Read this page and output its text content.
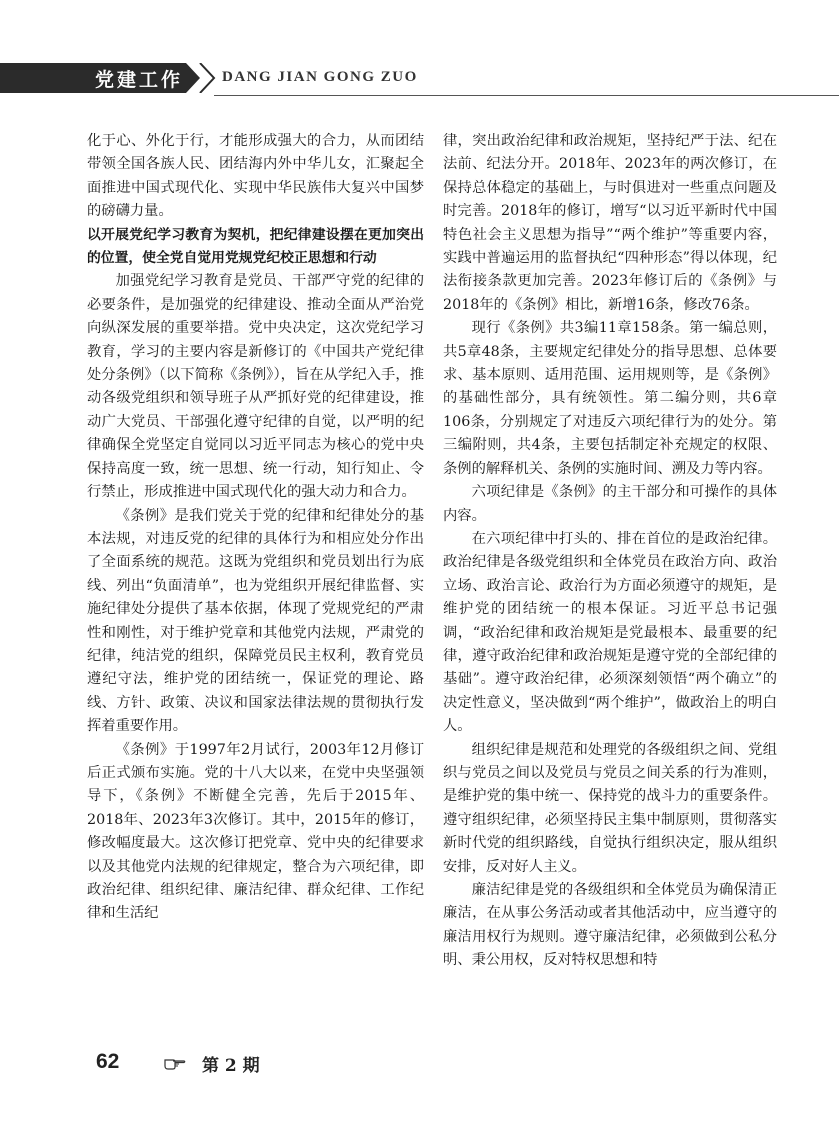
党建工作	DANG JIAN GONG ZUO

化于心、外化于行，才能形成强大的合力，从而团结带领全国各族人民、团结海内外中华儿女，汇聚起全面推进中国式现代化、实现中华民族伟大复兴中国梦的磅礴力量。

以开展党纪学习教育为契机，把纪律建设摆在更加突出的位置，使全党自觉用党规党纪校正思想和行动

加强党纪学习教育是党员、干部严守党的纪律的必要条件，是加强党的纪律建设、推动全面从严治党向纵深发展的重要举措。党中央决定，这次党纪学习教育，学习的主要内容是新修订的《中国共产党纪律处分条例》（以下简称《条例》），旨在从学纪入手，推动各级党组织和领导班子从严抓好党的纪律建设，推动广大党员、干部强化遵守纪律的自觉，以严明的纪律确保全党坚定自觉同以习近平同志为核心的党中央保持高度一致，统一思想、统一行动，知行知止、令行禁止，形成推进中国式现代化的强大动力和合力。

《条例》是我们党关于党的纪律和纪律处分的基本法规，对违反党的纪律的具体行为和相应处分作出了全面系统的规范。这既为党组织和党员划出行为底线、列出“负面清单”，也为党组织开展纪律监督、实施纪律处分提供了基本依据，体现了党规党纪的严肃性和刚性，对于维护党章和其他党内法规，严肃党的纪律，纯洁党的组织，保障党员民主权利，教育党员遵纪守法，维护党的团结统一，保证党的理论、路线、方针、政策、决议和国家法律法规的贯彻执行发挥着重要作用。

《条例》于1997年2月试行，2003年12月修订后正式颁布实施。党的十八大以来，在党中央坚强领导下，《条例》不断健全完善，先后于2015年、2018年、2023年3次修订。其中，2015年的修订，修改幅度最大。这次修订把党章、党中央的纪律要求以及其他党内法规的纪律规定，整合为六项纪律，即政治纪律、组织纪律、廉洁纪律、群众纪律、工作纪律和生活纪

律，突出政治纪律和政治规矩，坚持纪严于法、纪在法前、纪法分开。2018年、2023年的两次修订，在保持总体稳定的基础上，与时俱进对一些重点问题及时完善。2018年的修订，增写“以习近平新时代中国特色社会主义思想为指导”“两个维护”等重要内容，实践中普遍运用的监督执纪“四种形态”得以体现，纪法衔接条款更加完善。2023年修订后的《条例》与2018年的《条例》相比，新增16条，修改76条。

现行《条例》共3编11章158条。第一编总则，共5章48条，主要规定纪律处分的指导思想、总体要求、基本原则、适用范围、运用规则等，是《条例》的基础性部分，具有统领性。第二编分则，共6章106条，分别规定了对违反六项纪律行为的处分。第三编附则，共4条，主要包括制定补充规定的权限、条例的解释机关、条例的实施时间、溯及力等内容。

六项纪律是《条例》的主干部分和可操作的具体内容。

在六项纪律中打头的、排在首位的是政治纪律。政治纪律是各级党组织和全体党员在政治方向、政治立场、政治言论、政治行为方面必须遵守的规矩，是维护党的团结统一的根本保证。习近平总书记强调，“政治纪律和政治规矩是党最根本、最重要的纪律，遵守政治纪律和政治规矩是遵守党的全部纪律的基础”。遵守政治纪律，必须深刻领悟“两个确立”的决定性意义，坚决做到“两个维护”，做政治上的明白人。

组织纪律是规范和处理党的各级组织之间、党组织与党员之间以及党员与党员之间关系的行为准则，是维护党的集中统一、保持党的战斗力的重要条件。遵守组织纪律，必须坚持民主集中制原则，贯彻落实新时代党的组织路线，自觉执行组织决定，服从组织安排，反对好人主义。

廉洁纪律是党的各级组织和全体党员为确保清正廉洁，在从事公务活动或者其他活动中，应当遵守的廉洁用权行为规则。遵守廉洁纪律，必须做到公私分明、秉公用权，反对特权思想和特

62	第 2 期
